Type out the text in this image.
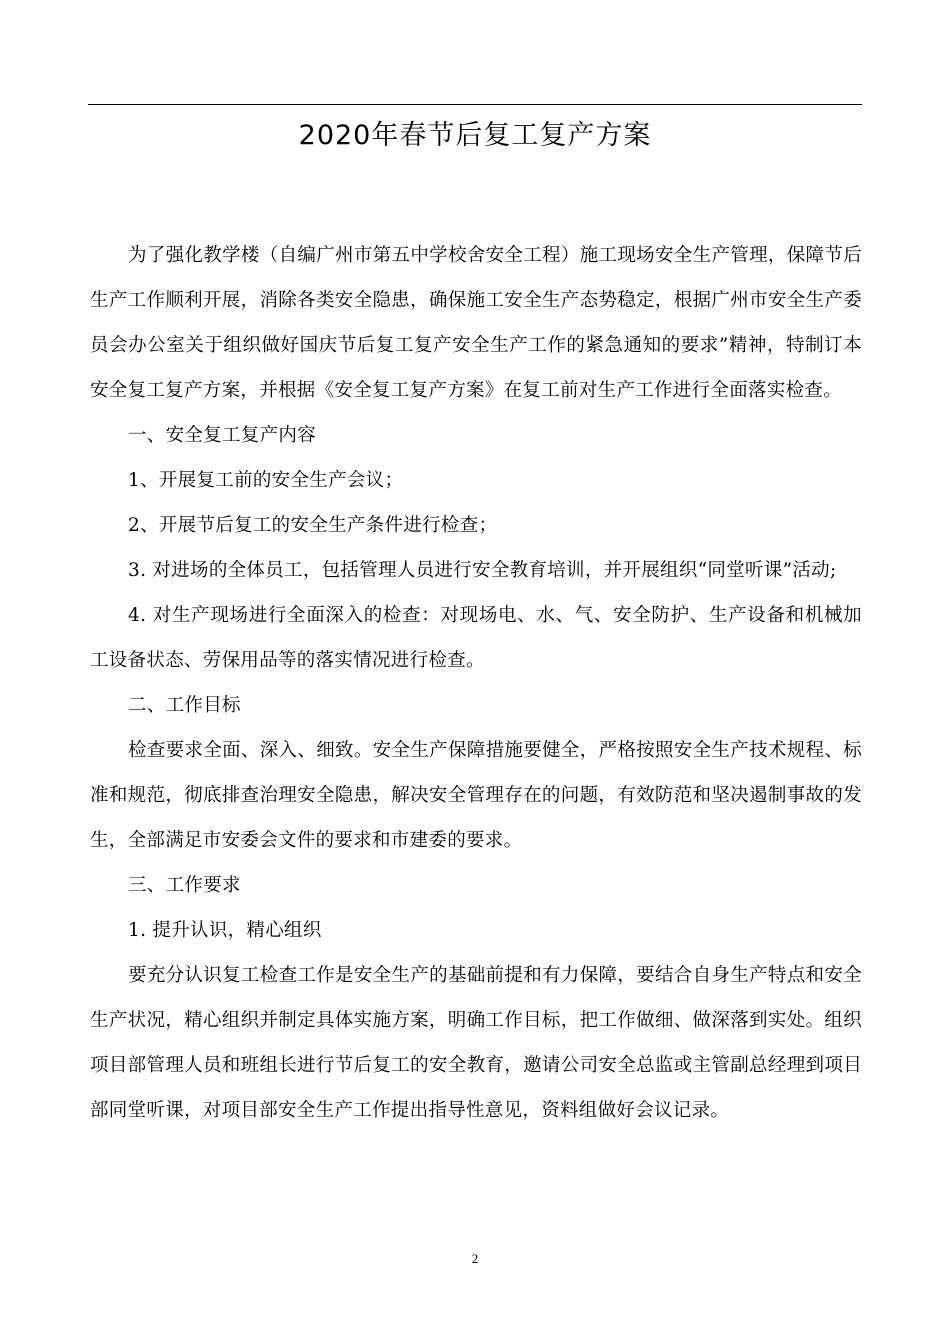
2020年春节后复工复产方案

为了强化教学楼（自编广州市第五中学校舍安全工程）施工现场安全生产管理，保障节后生产工作顺利开展，消除各类安全隐患，确保施工安全生产态势稳定，根据广州市安全生产委员会办公室关于组织做好国庆节后复工复产安全生产工作的紧急通知的要求”精神，特制订本安全复工复产方案，并根据《安全复工复产方案》在复工前对生产工作进行全面落实检查。

一、安全复工复产内容

1、开展复工前的安全生产会议；

2、开展节后复工的安全生产条件进行检查；

3. 对进场的全体员工，包括管理人员进行安全教育培训，并开展组织“同堂听课”活动;

4. 对生产现场进行全面深入的检查：对现场电、水、气、安全防护、生产设备和机械加工设备状态、劳保用品等的落实情况进行检查。

二、工作目标

检查要求全面、深入、细致。安全生产保障措施要健全，严格按照安全生产技术规程、标准和规范，彻底排查治理安全隐患，解决安全管理存在的问题，有效防范和坚决遏制事故的发生，全部满足市安委会文件的要求和市建委的要求。

三、工作要求

1. 提升认识，精心组织

要充分认识复工检查工作是安全生产的基础前提和有力保障，要结合自身生产特点和安全生产状况，精心组织并制定具体实施方案，明确工作目标，把工作做细、做深落到实处。组织项目部管理人员和班组长进行节后复工的安全教育，邀请公司安全总监或主管副总经理到项目部同堂听课，对项目部安全生产工作提出指导性意见，资料组做好会议记录。

2
